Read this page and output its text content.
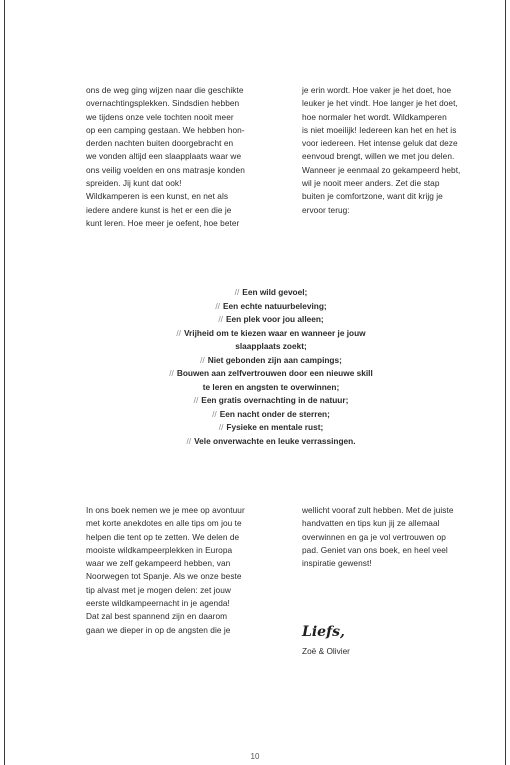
ons de weg ging wijzen naar die geschikte

overnachtingsplekken. Sindsdien hebben

we tijdens onze vele tochten nooit meer

op een camping gestaan. We hebben hon-

derden nachten buiten doorgebracht en

we vonden altijd een slaapplaats waar we

ons veilig voelden en ons matrasje konden

spreiden. Jij kunt dat ook!

Wildkamperen is een kunst, en net als

iedere andere kunst is het er een die je

kunt leren. Hoe meer je oefent, hoe beter

je erin wordt. Hoe vaker je het doet, hoe

leuker je het vindt. Hoe langer je het doet,

hoe normaler het wordt. Wildkamperen

is niet moeilijk! Iedereen kan het en het is

voor iedereen. Het intense geluk dat deze

eenvoud brengt, willen we met jou delen.

Wanneer je eenmaal zo gekampeerd hebt,

wil je nooit meer anders. Zet die stap

buiten je comfortzone, want dit krijg je

ervoor terug:

// Een wild gevoel;
// Een echte natuurbeleving;
// Een plek voor jou alleen;
// Vrijheid om te kiezen waar en wanneer je jouw
slaapplaats zoekt;
// Niet gebonden zijn aan campings;
// Bouwen aan zelfvertrouwen door een nieuwe skill
te leren en angsten te overwinnen;
// Een gratis overnachting in de natuur;
// Een nacht onder de sterren;
// Fysieke en mentale rust;
// Vele onverwachte en leuke verrassingen.

In ons boek nemen we je mee op avontuur

met korte anekdotes en alle tips om jou te

helpen die tent op te zetten. We delen de

mooiste wildkampeerplekken in Europa

waar we zelf gekampeerd hebben, van

Noorwegen tot Spanje. Als we onze beste

tip alvast met je mogen delen: zet jouw

eerste wildkampeernacht in je agenda!

Dat zal best spannend zijn en daarom

gaan we dieper in op de angsten die je

wellicht vooraf zult hebben. Met de juiste

handvatten en tips kun jij ze allemaal

overwinnen en ga je vol vertrouwen op

pad. Geniet van ons boek, en heel veel

inspiratie gewenst!

Liefs,
Zoë & Olivier
10
